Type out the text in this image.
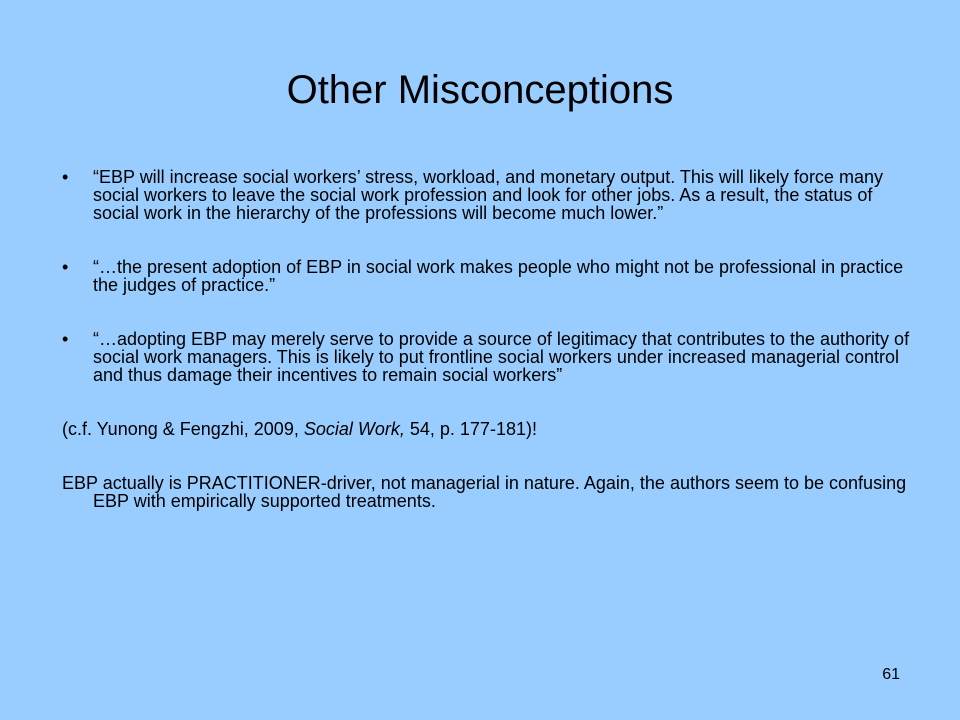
Other Misconceptions
• “EBP will increase social workers’ stress, workload, and monetary output. This will likely force many social workers to leave the social work profession and look for other jobs. As a result, the status of social work in the hierarchy of the professions will become much lower.”
• “…the present adoption of EBP in social work makes people who might not be professional in practice the judges of practice.”
• “…adopting EBP may merely serve to provide a source of legitimacy that contributes to the authority of social work managers. This is likely to put frontline social workers under increased managerial control and thus damage their incentives to remain social workers”
(c.f. Yunong & Fengzhi, 2009, Social Work, 54, p. 177-181)!
EBP actually is PRACTITIONER-driver, not managerial in nature. Again, the authors seem to be confusing EBP with empirically supported treatments.
61
